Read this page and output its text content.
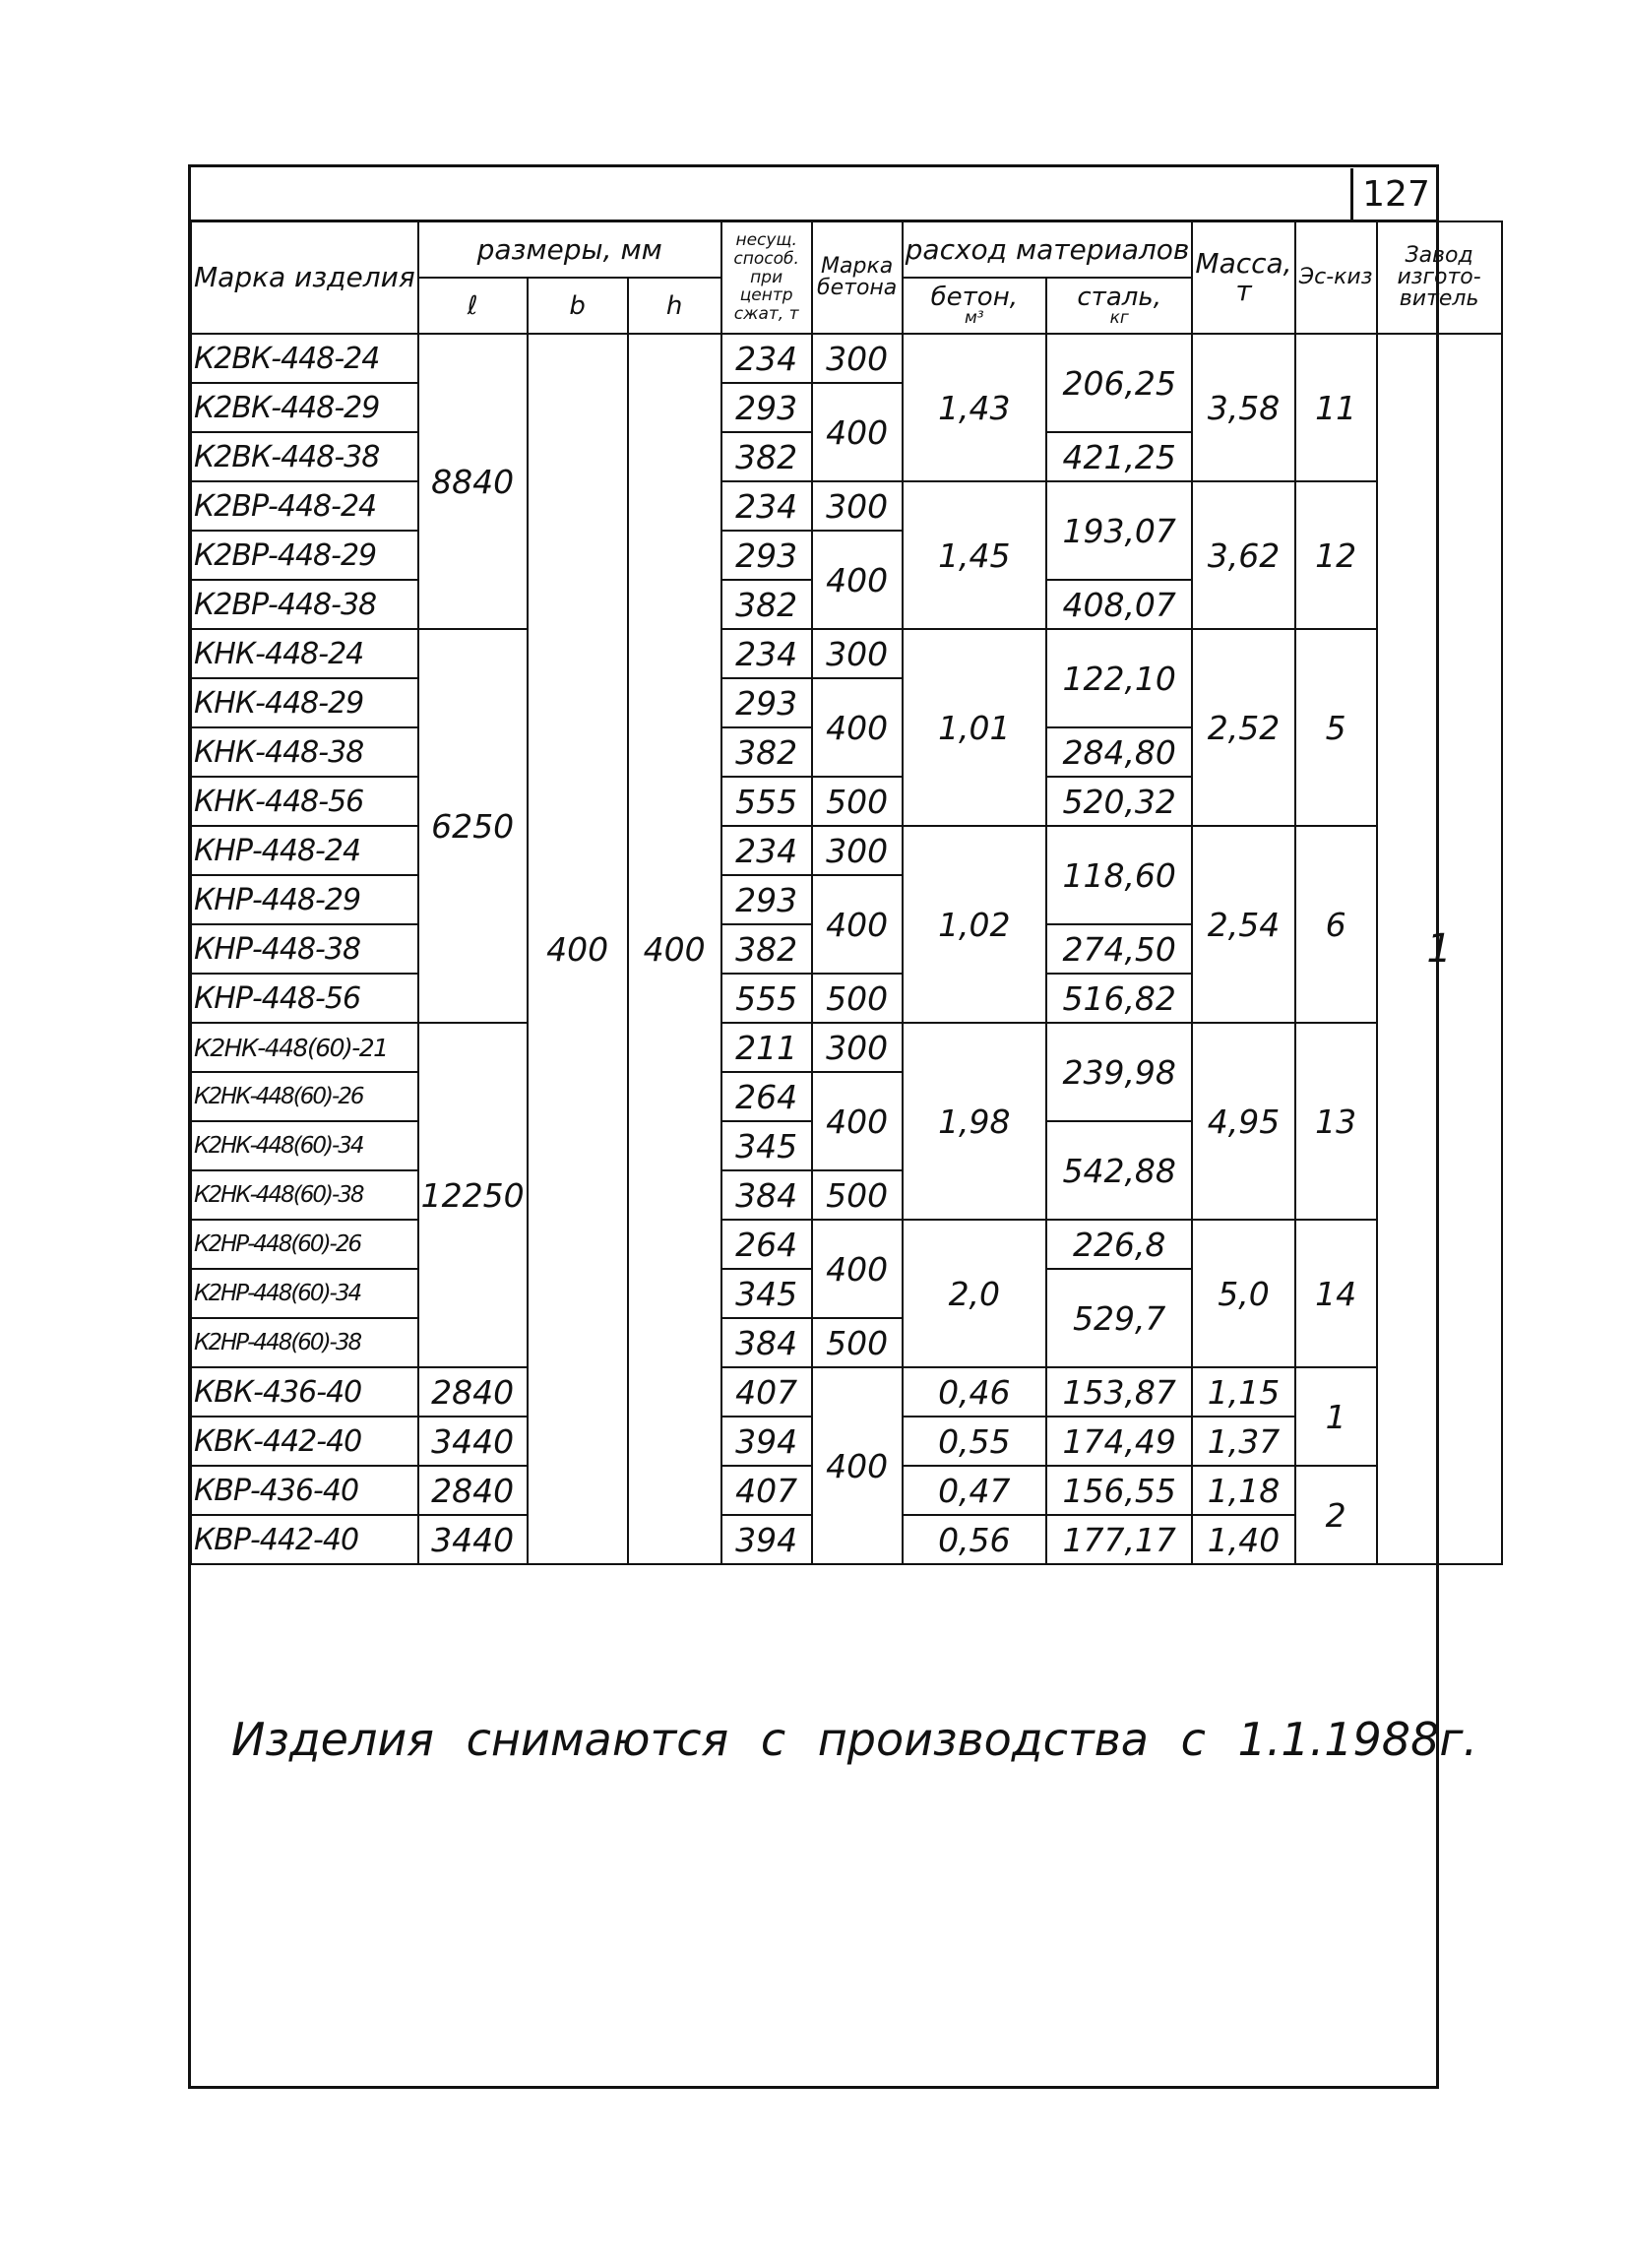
127
Марка изделия	размеры, мм			несущ. способ. при центр сжат, т	Марка бетона	расход материалов		Масса,
т	Эс-киз	Завод изгото-витель
	ℓ	b	h			бетон,
м³	сталь,
кг			

К2ВК-448-24	8840	400	400	234	300	1,43	206,25	3,58	11	1
К2ВК-448-29				293	400					
К2ВК-448-38				382			421,25			
К2ВР-448-24				234	300	1,45	193,07	3,62	12	
К2ВР-448-29				293	400					
К2ВР-448-38				382			408,07			
КНК-448-24	6250			234	300	1,01	122,10	2,52	5	
КНК-448-29				293	400					
КНК-448-38				382			284,80			
КНК-448-56				555	500		520,32			
КНР-448-24				234	300	1,02	118,60	2,54	6	
КНР-448-29				293	400					
КНР-448-38				382			274,50			
КНР-448-56				555	500		516,82			
К2НК-448(60)-21	12250			211	300	1,98	239,98	4,95	13	
К2НК-448(60)-26				264	400					
К2НК-448(60)-34				345			542,88			
К2НК-448(60)-38				384	500					
К2НР-448(60)-26				264	400	2,0	226,8	5,0	14	
К2НР-448(60)-34				345			529,7			
К2НР-448(60)-38				384	500					
КВК-436-40	2840			407	400	0,46	153,87	1,15	1	
КВК-442-40	3440			394		0,55	174,49	1,37		
КВР-436-40	2840			407		0,47	156,55	1,18	2	
КВР-442-40	3440			394		0,56	177,17	1,40		
Изделия снимаются с производства с 1.1.1988г.
